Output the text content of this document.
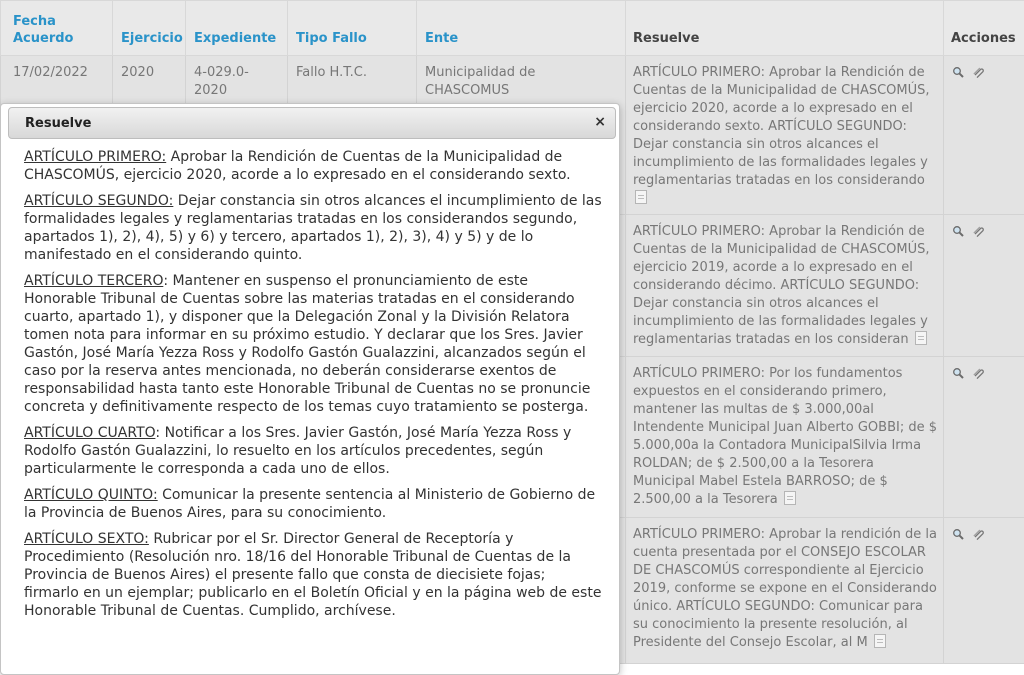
Fecha Acuerdo	Ejercicio	Expediente	Tipo Fallo	Ente	Resuelve	Acciones
17/02/2022	2020	4-029.0-2020	Fallo H.T.C.	Municipalidad de CHASCOMUS	ARTÍCULO PRIMERO: Aprobar la Rendición de Cuentas de la Municipalidad de CHASCOMÚS, ejercicio 2020, acorde a lo expresado en el considerando sexto. ARTÍCULO SEGUNDO: Dejar constancia sin otros alcances el incumplimiento de las formalidades legales y reglamentarias tratadas en los considerando	

					ARTÍCULO PRIMERO: Aprobar la Rendición de Cuentas de la Municipalidad de CHASCOMÚS, ejercicio 2019, acorde a lo expresado en el considerando décimo. ARTÍCULO SEGUNDO: Dejar constancia sin otros alcances el incumplimiento de las formalidades legales y reglamentarias tratadas en los consideran	

					ARTÍCULO PRIMERO: Por los fundamentos expuestos en el considerando primero, mantener las multas de $ 3.000,00al Intendente Municipal Juan Alberto GOBBI; de $ 5.000,00a la Contadora MunicipalSilvia Irma ROLDAN; de $ 2.500,00 a la Tesorera Municipal Mabel Estela BARROSO; de $ 2.500,00 a la Tesorera	

					ARTÍCULO PRIMERO: Aprobar la rendición de la cuenta presentada por el CONSEJO ESCOLAR DE CHASCOMÚS correspondiente al Ejercicio 2019, conforme se expone en el Considerando único. ARTÍCULO SEGUNDO: Comunicar para su conocimiento la presente resolución, al Presidente del Consejo Escolar, al M	

Resuelve	×

ARTÍCULO PRIMERO: Aprobar la Rendición de Cuentas de la Municipalidad de CHASCOMÚS, ejercicio 2020, acorde a lo expresado en el considerando sexto.

ARTÍCULO SEGUNDO: Dejar constancia sin otros alcances el incumplimiento de las formalidades legales y reglamentarias tratadas en los considerandos segundo, apartados 1), 2), 4), 5) y 6) y tercero, apartados 1), 2), 3), 4) y 5) y de lo manifestado en el considerando quinto.

ARTÍCULO TERCERO: Mantener en suspenso el pronunciamiento de este Honorable Tribunal de Cuentas sobre las materias tratadas en el considerando cuarto, apartado 1), y disponer que la Delegación Zonal y la División Relatora tomen nota para informar en su próximo estudio. Y declarar que los Sres. Javier Gastón, José María Yezza Ross y Rodolfo Gastón Gualazzini, alcanzados según el caso por la reserva antes mencionada, no deberán considerarse exentos de responsabilidad hasta tanto este Honorable Tribunal de Cuentas no se pronuncie concreta y definitivamente respecto de los temas cuyo tratamiento se posterga.

ARTÍCULO CUARTO: Notificar a los Sres. Javier Gastón, José María Yezza Ross y Rodolfo Gastón Gualazzini, lo resuelto en los artículos precedentes, según particularmente le corresponda a cada uno de ellos.

ARTÍCULO QUINTO: Comunicar la presente sentencia al Ministerio de Gobierno de la Provincia de Buenos Aires, para su conocimiento.

ARTÍCULO SEXTO: Rubricar por el Sr. Director General de Receptoría y Procedimiento (Resolución nro. 18/16 del Honorable Tribunal de Cuentas de la Provincia de Buenos Aires) el presente fallo que consta de diecisiete fojas; firmarlo en un ejemplar; publicarlo en el Boletín Oficial y en la página web de este Honorable Tribunal de Cuentas. Cumplido, archívese.
